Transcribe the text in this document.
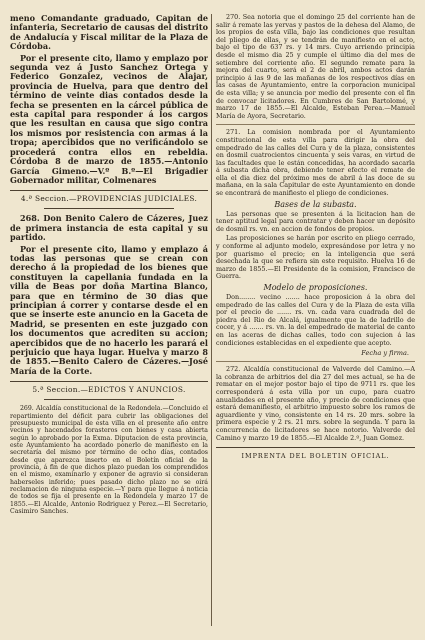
meno Comandante graduado, Capitan de infanteria, Secretario de causas del distrito de Andalucía y Fiscal militar de la Plaza de Córdoba.

Por el presente cito, llamo y emplazo por segunda vez á Justo Sanchez Ortega y Federico Gonzalez, vecinos de Alajar, provincia de Huelva, para que dentro del término de veinte dias contados desde la fecha se presenten en la cárcel pública de esta capital para responder á los cargos que les resultan en causa que sigo contra los mismos por resistencia con armas á la tropa; apercibidos que no verificándolo se procederá contra ellos en rebeldia. Córdoba 8 de marzo de 1855.—Antonio García Gimeno.—V.º B.º—El Brigadier Gobernador militar, Colmenares

4.ª Seccion.—PROVIDENCIAS JUDICIALES.

268. Don Benito Calero de Cázeres, Juez de primera instancia de esta capital y su partido.

Por el presente cito, llamo y emplazo á todas las personas que se crean con derecho á la propiedad de los bienes que constituyen la capellania fundada en la villa de Beas por doña Martina Blanco, para que en término de 30 dias que principian á correr y contarse desde el en que se inserte este anuncio en la Gaceta de Madrid, se presenten en este juzgado con los documentos que acrediten su accion; apercibidos que de no hacerlo les parará el perjuicio que haya lugar. Huelva y marzo 8 de 1855.—Benito Calero de Cázeres.—José María de la Corte.

5.ª Seccion.—EDICTOS Y ANUNCIOS.

269. Alcaldía constitucional de la Redondela.—Concluido el repartimiento del déficit para cubrir las obligaciones del presupuesto municipal de esta villa en el presente año entre vecinos y hacendados forasteros con bienes y casa abierta según lo aprobado por la Exma. Diputacion de esta provincia, este Ayuntamiento ha acordado ponerlo de manifiesto en la secretaría del mismo por término de ocho días, contados desde que aparezca inserto en el Boletín oficial de la provincia, á fin de que dichos plazo puedan los comprendidos en el mismo, examinarlo y exponer de agravio si consideran haberseles inferido; pues pasado dicho plazo no se oirá reclamacion de ninguna especie.—Y para que llegue á noticia de todos se fija el presente en la Redondela y marzo 17 de 1855.—El Alcalde, Antonio Rodriguez y Perez.—El Secretario, Casimiro Sanches.

270. Sea notoria que el domingo 25 del corriente han de salir á remate las yervas y pastos de la dehesa del Alamo, de los propios de esta villa, bajo las condiciones que resultan del pliego de ellas, y se tendrán de manifiesto en el acto, bajo el tipo de 637 rs. y 14 mrs. Cuyo arriendo principia desde el mismo dia 25 y cumple el último dia del mes de setiembre del corriente año. El segundo remate para la mejora del cuarto, será el 2 de abril, ambos actos darán principio á las 9 de las mañanas de los respectivos días en las casas de Ayuntamiento, entre la corporacion municipal de esta villa; y se anuncia por medio del presente con el fin de convocar licitadores. En Cumbres de San Bartolomé, y marzo 17 de 1855.—El Alcalde, Esteban Perea.—Manuel María de Ayora, Secretario.

271. La comision nombrada por el Ayuntamiento constitucional de esta villa para dirigir la obra del empedrado de las calles del Cura y de la plaza, consistentes en dosmil cuatrocientos cincuenta y seis varas, en virtud de las facultades que le están concedidas, ha acordado sacarla á subasta dicha obra, debiendo tener efecto el remate de ella el dia diez del próximo mes de abril á las doce de su mañana, en la sala Capitular de este Ayuntamiento en donde se encontrará de manifiesto el pliego de condiciones.

Bases de la subasta.

Las personas que se presenten á la licitacion han de tener aptitud legal para contratar y deben hacer un depósito de dosmil rs. vn. en accion de fondos de propios.

Las proposiciones se harán por escrito en pliego cerrado, y conforme al adjunto modelo, expresándose por letra y no por guarismo el precio; en la inteligencia que será desechada la que se refiera sin este requisito. Huelva 16 de marzo de 1855.—El Presidente de la comision, Francisco de Guerra.

Modelo de proposiciones.

Don........ vecino ....... hace proposicion á la obra del empedrado de las calles del Cura y de la Plaza de esta villa por el precio de ....... rs. vn. cada vara cuadrada del de piedra del Rio de Alcalá, igualmente que la de ladrillo de cocer, y á ....... rs. vn. la del empedrado de material de canto en las aceras de dichas calles, todo con sujecion á las condiciones establecidas en el expediente que acepto.

Fecha y firma.

272. Alcaldía constitucional de Valverde del Camino.—A la cobranza de arbitrios del dia 27 del mes actual, se ha de rematar en el mejor postor bajo el tipo de 9711 rs. que les corresponderá á esta villa por un cupo, para cuatro anualidades en el presente año, y precio de condiciones que estará demanifiesto, el arbitrio impuesto sobre los ramos de aguardiente y vino, consistente en 14 rs. 20 mrs. sobre la primera especie y 2 rs. 21 mrs. sobre la segunda. Y para la concurrencia de licitadores se hace notorio. Valverde del Camino y marzo 19 de 1855.—El Alcalde 2.º, Juan Gomez.

IMPRENTA DEL BOLETIN OFICIAL.
